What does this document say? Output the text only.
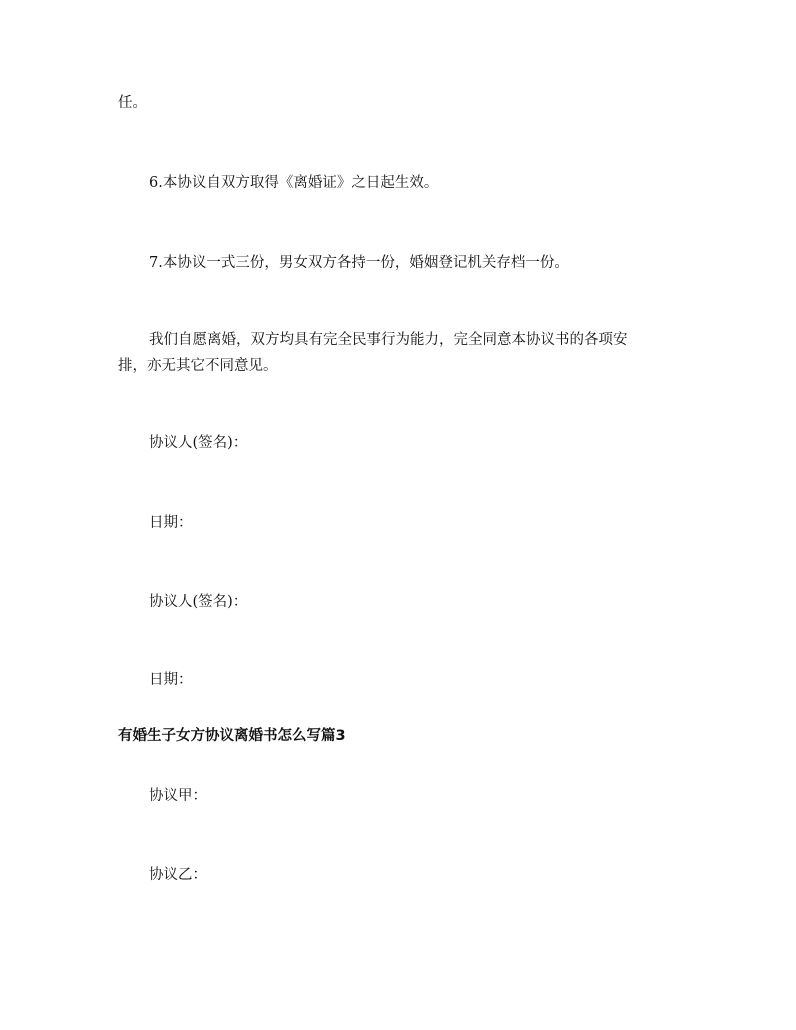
任。

6.本协议自双方取得《离婚证》之日起生效。

7.本协议一式三份，男女双方各持一份，婚姻登记机关存档一份。

我们自愿离婚，双方均具有完全民事行为能力，完全同意本协议书的各项安

排，亦无其它不同意见。

协议人(签名)：

日期：

协议人(签名)：

日期：

有婚生子女方协议离婚书怎么写篇3

协议甲：

协议乙：
